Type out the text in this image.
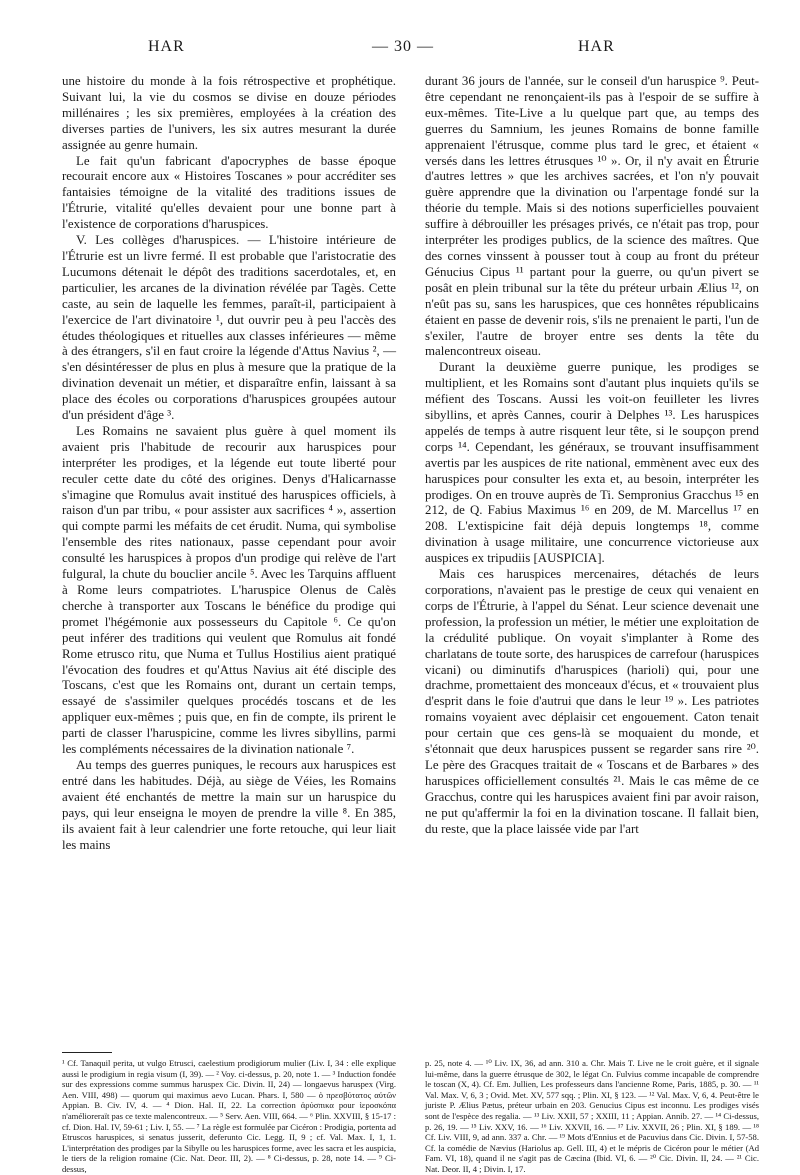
HAR	— 30 —	HAR

une histoire du monde à la fois rétrospective et prophétique. Suivant lui, la vie du cosmos se divise en douze périodes millénaires ; les six premières, employées à la création des diverses parties de l'univers, les six autres mesurant la durée assignée au genre humain.

Le fait qu'un fabricant d'apocryphes de basse époque recourait encore aux « Histoires Toscanes » pour accréditer ses fantaisies témoigne de la vitalité des traditions issues de l'Étrurie, vitalité qu'elles devaient pour une bonne part à l'existence de corporations d'haruspices.

V. Les collèges d'haruspices. — L'histoire intérieure de l'Étrurie est un livre fermé. Il est probable que l'aristocratie des Lucumons détenait le dépôt des traditions sacerdotales, et, en particulier, les arcanes de la divination révélée par Tagès. Cette caste, au sein de laquelle les femmes, paraît-il, participaient à l'exercice de l'art divinatoire ¹, dut ouvrir peu à peu l'accès des études théologiques et rituelles aux classes inférieures — même à des étrangers, s'il en faut croire la légende d'Attus Navius ², — s'en désintéresser de plus en plus à mesure que la pratique de la divination devenait un métier, et disparaître enfin, laissant à sa place des écoles ou corporations d'haruspices groupées autour d'un président d'âge ³.

Les Romains ne savaient plus guère à quel moment ils avaient pris l'habitude de recourir aux haruspices pour interpréter les prodiges, et la légende eut toute liberté pour reculer cette date du côté des origines. Denys d'Halicarnasse s'imagine que Romulus avait institué des haruspices officiels, à raison d'un par tribu, « pour assister aux sacrifices ⁴ », assertion qui compte parmi les méfaits de cet érudit. Numa, qui symbolise l'ensemble des rites nationaux, passe cependant pour avoir consulté les haruspices à propos d'un prodige qui relève de l'art fulgural, la chute du bouclier ancile ⁵. Avec les Tarquins affluent à Rome leurs compatriotes. L'haruspice Olenus de Calès cherche à transporter aux Toscans le bénéfice du prodige qui promet l'hégémonie aux possesseurs du Capitole ⁶. Ce qu'on peut inférer des traditions qui veulent que Romulus ait fondé Rome etrusco ritu, que Numa et Tullus Hostilius aient pratiqué l'évocation des foudres et qu'Attus Navius ait été disciple des Toscans, c'est que les Romains ont, durant un certain temps, essayé de s'assimiler quelques procédés toscans et de les appliquer eux-mêmes ; puis que, en fin de compte, ils prirent le parti de classer l'haruspicine, comme les livres sibyllins, parmi les compléments nécessaires de la divination nationale ⁷.

Au temps des guerres puniques, le recours aux haruspices est entré dans les habitudes. Déjà, au siège de Véies, les Romains avaient été enchantés de mettre la main sur un haruspice du pays, qui leur enseigna le moyen de prendre la ville ⁸. En 385, ils avaient fait à leur calendrier une forte retouche, qui leur liait les mains

durant 36 jours de l'année, sur le conseil d'un haruspice ⁹. Peut-être cependant ne renonçaient-ils pas à l'espoir de se suffire à eux-mêmes. Tite-Live a lu quelque part que, au temps des guerres du Samnium, les jeunes Romains de bonne famille apprenaient l'étrusque, comme plus tard le grec, et étaient « versés dans les lettres étrusques ¹⁰ ». Or, il n'y avait en Étrurie d'autres lettres » que les archives sacrées, et l'on n'y pouvait guère apprendre que la divination ou l'arpentage fondé sur la théorie du temple. Mais si des notions superficielles pouvaient suffire à débrouiller les présages privés, ce n'était pas trop, pour interpréter les prodiges publics, de la science des maîtres. Que des cornes vinssent à pousser tout à coup au front du préteur Génucius Cipus ¹¹ partant pour la guerre, ou qu'un pivert se posât en plein tribunal sur la tête du préteur urbain Ælius ¹², on n'eût pas su, sans les haruspices, que ces honnêtes républicains étaient en passe de devenir rois, s'ils ne prenaient le parti, l'un de s'exiler, l'autre de broyer entre ses dents la tête du malencontreux oiseau.

Durant la deuxième guerre punique, les prodiges se multiplient, et les Romains sont d'autant plus inquiets qu'ils se méfient des Toscans. Aussi les voit-on feuilleter les livres sibyllins, et après Cannes, courir à Delphes ¹³. Les haruspices appelés de temps à autre risquent leur tête, si le soupçon prend corps ¹⁴. Cependant, les généraux, se trouvant insuffisamment avertis par les auspices de rite national, emmènent avec eux des haruspices pour consulter les exta et, au besoin, interpréter les prodiges. On en trouve auprès de Ti. Sempronius Gracchus ¹⁵ en 212, de Q. Fabius Maximus ¹⁶ en 209, de M. Marcellus ¹⁷ en 208. L'extispicine fait déjà depuis longtemps ¹⁸, comme divination à usage militaire, une concurrence victorieuse aux auspices ex tripudiis [AUSPICIA].

Mais ces haruspices mercenaires, détachés de leurs corporations, n'avaient pas le prestige de ceux qui venaient en corps de l'Étrurie, à l'appel du Sénat. Leur science devenait une profession, la profession un métier, le métier une exploitation de la crédulité publique. On voyait s'implanter à Rome des charlatans de toute sorte, des haruspices de carrefour (haruspices vicani) ou diminutifs d'haruspices (harioli) qui, pour une drachme, promettaient des monceaux d'écus, et « trouvaient plus d'esprit dans le foie d'autrui que dans le leur ¹⁹ ». Les patriotes romains voyaient avec déplaisir cet engouement. Caton tenait pour certain que ces gens-là se moquaient du monde, et s'étonnait que deux haruspices pussent se regarder sans rire ²⁰. Le père des Gracques traitait de « Toscans et de Barbares » des haruspices officiellement consultés ²¹. Mais le cas même de ce Gracchus, contre qui les haruspices avaient fini par avoir raison, ne put qu'affermir la foi en la divination toscane. Il fallait bien, du reste, que la place laissée vide par l'art

¹ Cf. Tanaquil perita, ut vulgo Etrusci, caelestium prodigiorum mulier (Liv. I, 34 : elle explique aussi le prodigium in regia visum (I, 39). — ² Voy. ci-dessus, p. 20, note 1. — ³ Induction fondée sur des expressions comme summus haruspex Cic. Divin. II, 24) — longaevus haruspex (Virg. Aen. VIII, 498) — quorum qui maximus aevo Lucan. Phars. I, 580 — ὁ πρεσβύτατος αὐτῶν Appian. B. Civ. IV, 4. — ⁴ Dion. Hal. II, 22. La correction ἀρύσπικα pour ἱεροσκόπα n'amélioreraït pas ce texte malencontreux. — ⁵ Serv. Aen. VIII, 664. — ⁶ Plin. XXVIII, § 15-17 : cf. Dion. Hal. IV, 59-61 ; Liv. I, 55. — ⁷ La règle est formulée par Cicéron : Prodigia, portenta ad Etruscos haruspices, si senatus jusserit, deferunto Cic. Legg. II, 9 ; cf. Val. Max. I, 1, 1. L'interprétation des prodiges par la Sibylle ou les haruspices forme, avec les sacra et les auspicia, le tiers de la religion romaine (Cic. Nat. Deor. III, 2). — ⁸ Ci-dessus, p. 28, note 14. — ⁹ Ci-dessus,
p. 25, note 4. — ¹⁰ Liv. IX, 36, ad ann. 310 a. Chr. Mais T. Live ne le croit guère, et il signale lui-même, dans la guerre étrusque de 302, le légat Cn. Fulvius comme incapable de comprendre le toscan (X, 4). Cf. Em. Jullien, Les professeurs dans l'ancienne Rome, Paris, 1885, p. 30. — ¹¹ Val. Max. V, 6, 3 ; Ovid. Met. XV, 577 sqq. ; Plin. XI, § 123. — ¹² Val. Max. V, 6, 4. Peut-être le juriste P. Ælius Pætus, préteur urbain en 203. Genucius Cipus est inconnu. Les prodiges visés sont de l'espèce des regalia. — ¹³ Liv. XXII, 57 ; XXIII, 11 ; Appian. Annib. 27. — ¹⁴ Ci-dessus, p. 26, 19. — ¹⁵ Liv. XXV, 16. — ¹⁶ Liv. XXVII, 16. — ¹⁷ Liv. XXVII, 26 ; Plin. XI, § 189. — ¹⁸ Cf. Liv. VIII, 9, ad ann. 337 a. Chr. — ¹⁹ Mots d'Ennius et de Pacuvius dans Cic. Divin. I, 57-58. Cf. la comédie de Nævius (Hariolus ap. Gell. III, 4) et le mépris de Cicéron pour le métier (Ad Fam. VI, 18), quand il ne s'agit pas de Cæcina (Ibid. VI, 6. — ²⁰ Cic. Divin. II, 24. — ²¹ Cic. Nat. Deor. II, 4 ; Divin. I, 17.
